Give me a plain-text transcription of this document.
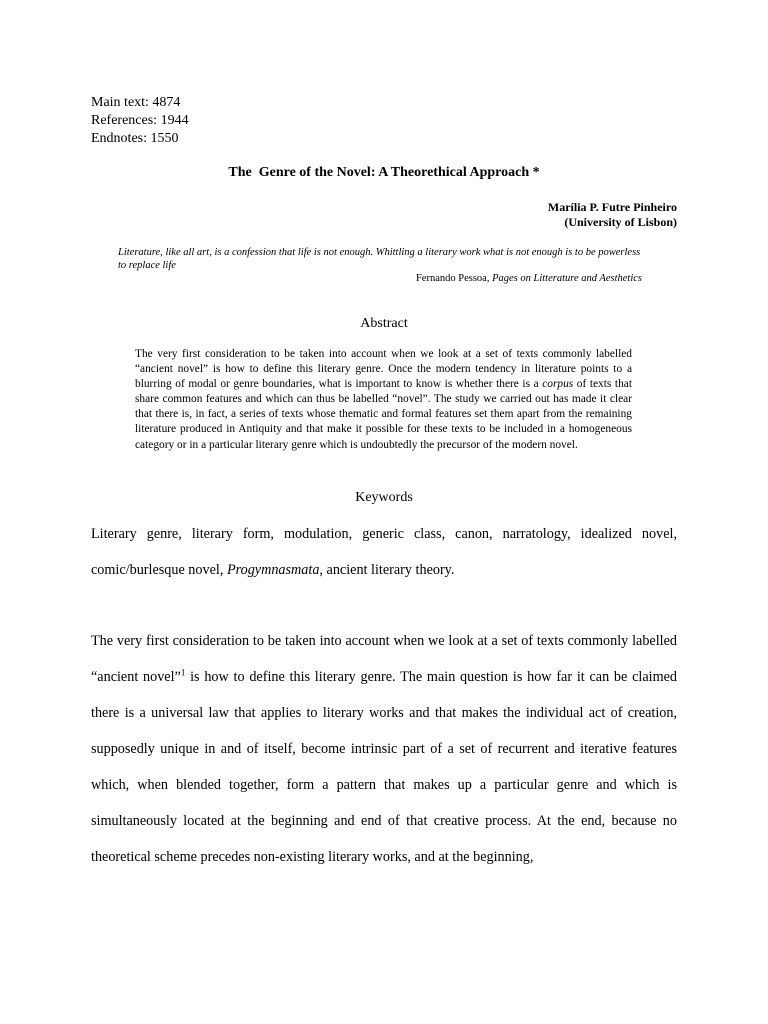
Main text: 4874
References: 1944
Endnotes: 1550
The  Genre of the Novel: A Theorethical Approach *
Marília P. Futre Pinheiro
(University of Lisbon)
Literature, like all art, is a confession that life is not enough. Whittling a literary work what is not enough is to be powerless to replace life
Fernando Pessoa, Pages on Litterature and Aesthetics
Abstract
The very first consideration to be taken into account when we look at a set of texts commonly labelled “ancient novel” is how to define this literary genre. Once the modern tendency in literature points to a blurring of modal or genre boundaries, what is important to know is whether there is a corpus of texts that share common features and which can thus be labelled “novel”. The study we carried out has made it clear that there is, in fact, a series of texts whose thematic and formal features set them apart from the remaining literature produced in Antiquity and that make it possible for these texts to be included in a homogeneous category or in a particular literary genre which is undoubtedly the precursor of the modern novel.
Keywords
Literary genre, literary form, modulation, generic class, canon, narratology, idealized novel, comic/burlesque novel, Progymnasmata, ancient literary theory.
The very first consideration to be taken into account when we look at a set of texts commonly labelled “ancient novel”$^1$ is how to define this literary genre. The main question is how far it can be claimed there is a universal law that applies to literary works and that makes the individual act of creation, supposedly unique in and of itself, become intrinsic part of a set of recurrent and iterative features which, when blended together, form a pattern that makes up a particular genre and which is simultaneously located at the beginning and end of that creative process. At the end, because no theoretical scheme precedes non-existing literary works, and at the beginning,
